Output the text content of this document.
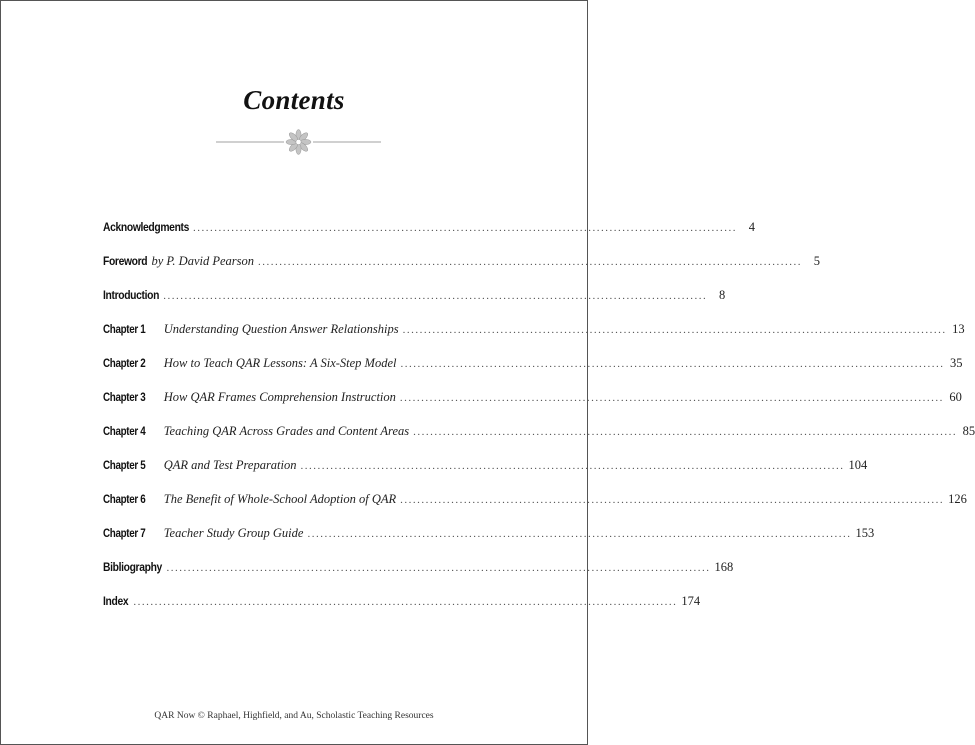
Contents
Acknowledgments ................................................................................................................................ 4
Foreword by P. David Pearson ................................................................................................................................ 5
Introduction ................................................................................................................................ 8
Chapter 1 Understanding Question Answer Relationships ................................................................................................................................ 13
Chapter 2 How to Teach QAR Lessons: A Six-Step Model ................................................................................................................................ 35
Chapter 3 How QAR Frames Comprehension Instruction ................................................................................................................................ 60
Chapter 4 Teaching QAR Across Grades and Content Areas ................................................................................................................................ 85
Chapter 5 QAR and Test Preparation ................................................................................................................................ 104
Chapter 6 The Benefit of Whole-School Adoption of QAR ................................................................................................................................ 126
Chapter 7 Teacher Study Group Guide ................................................................................................................................ 153
Bibliography ................................................................................................................................ 168
Index ................................................................................................................................ 174
QAR Now © Raphael, Highfield, and Au, Scholastic Teaching Resources
